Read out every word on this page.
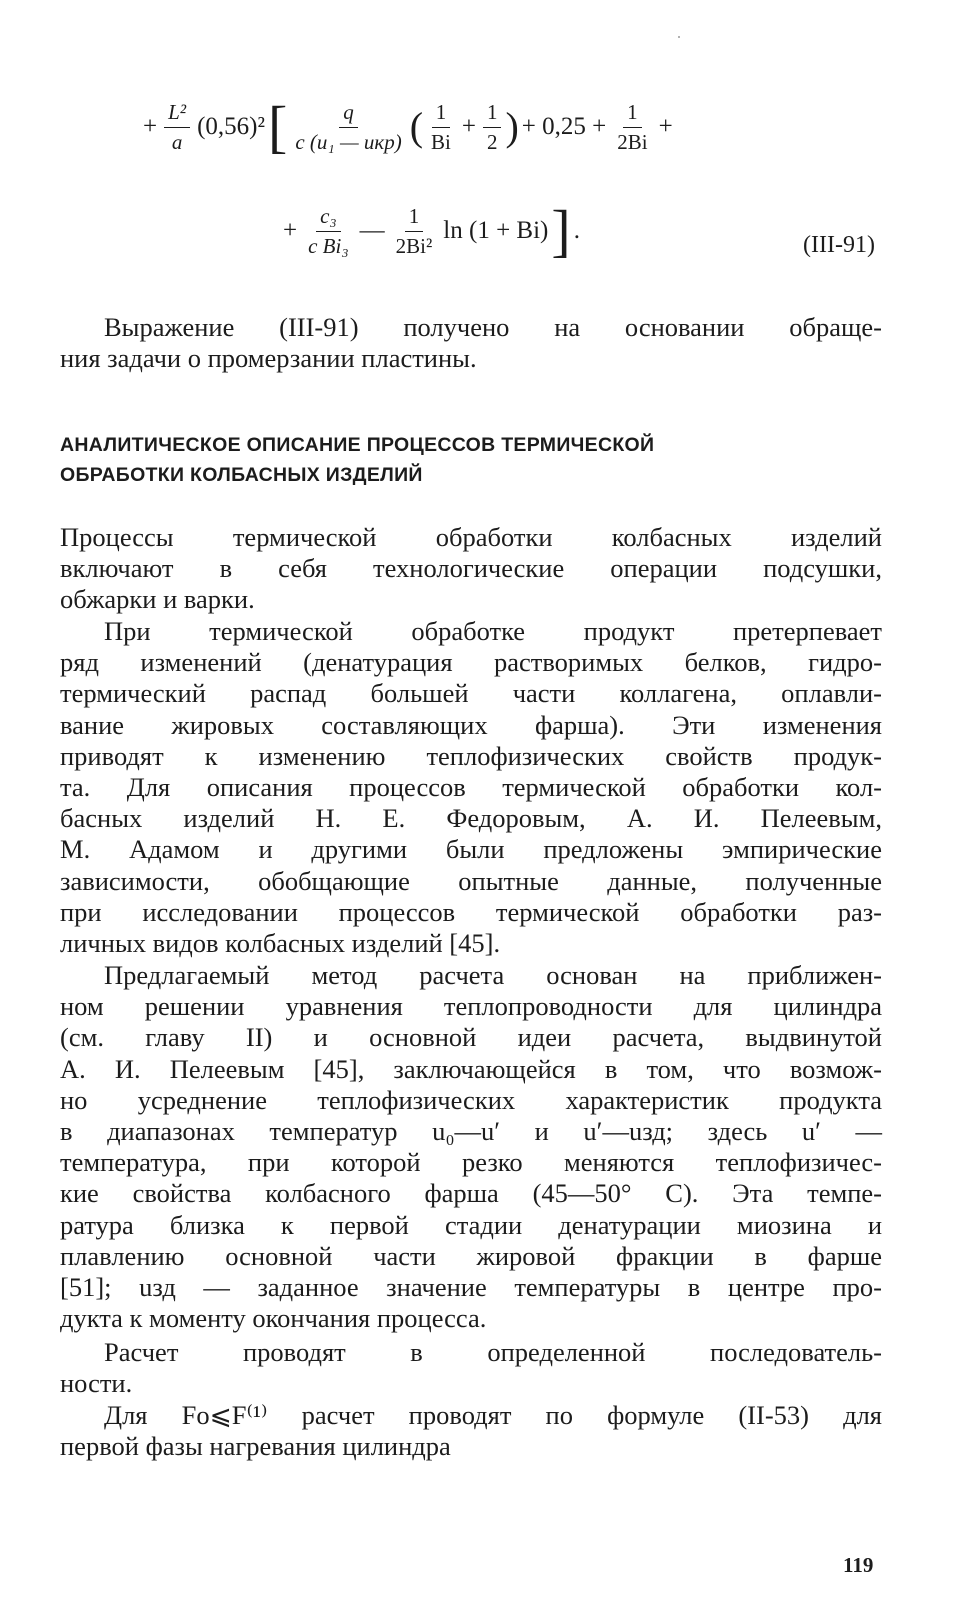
+ $\frac{\text{L²}}{a} (0,56)^2$ [ $\frac{q}{\text{c (u₁ — uкр)}}$ ( $\frac{1}{Bi} + \frac{1}{2}$ ) + $0,25 + \frac{1}{2Bi}$ +
+ $\frac{\text{c₃}}{\text{c Bi₃}}$ — $\frac{1}{\text{2Bi²}}$ ln (1 + Bi) ] .
(III-91)

Выражение (III-91) получено на основании обраще-
ния задачи о промерзании пластины.

АНАЛИТИЧЕСКОЕ ОПИСАНИЕ ПРОЦЕССОВ ТЕРМИЧЕСКОЙ
ОБРАБОТКИ КОЛБАСНЫХ ИЗДЕЛИЙ

Процессы термической обработки колбасных изделий
включают в себя технологические операции подсушки,
обжарки и варки.

При термической обработке продукт претерпевает
ряд изменений (денатурация растворимых белков, гидро-
термический распад большей части коллагена, оплавли-
вание жировых составляющих фарша). Эти изменения
приводят к изменению теплофизических свойств продук-
та. Для описания процессов термической обработки кол-
басных изделий Н. Е. Федоровым, А. И. Пелеевым,
М. Адамом и другими были предложены эмпирические
зависимости, обобщающие опытные данные, полученные
при исследовании процессов термической обработки раз-
личных видов колбасных изделий [45].

Предлагаемый метод расчета основан на приближен-
ном решении уравнения теплопроводности для цилиндра
(см. главу II) и основной идеи расчета, выдвинутой
А. И. Пелеевым [45], заключающейся в том, что возмож-
но усреднение теплофизических характеристик продукта
в диапазонах температур u₀—u′ и u′—uзд; здесь u′ —
температура, при которой резко меняются теплофизичес-
кие свойства колбасного фарша (45—50° С). Эта темпе-
ратура близка к первой стадии денатурации миозина и
плавлению основной части жировой фракции в фарше
[51]; uзд — заданное значение температуры в центре про-
дукта к моменту окончания процесса.

Расчет проводят в определенной последователь-
ности.

Для Fo⩽F⁽¹⁾ расчет проводят по формуле (II-53) для
первой фазы нагревания цилиндра

119
